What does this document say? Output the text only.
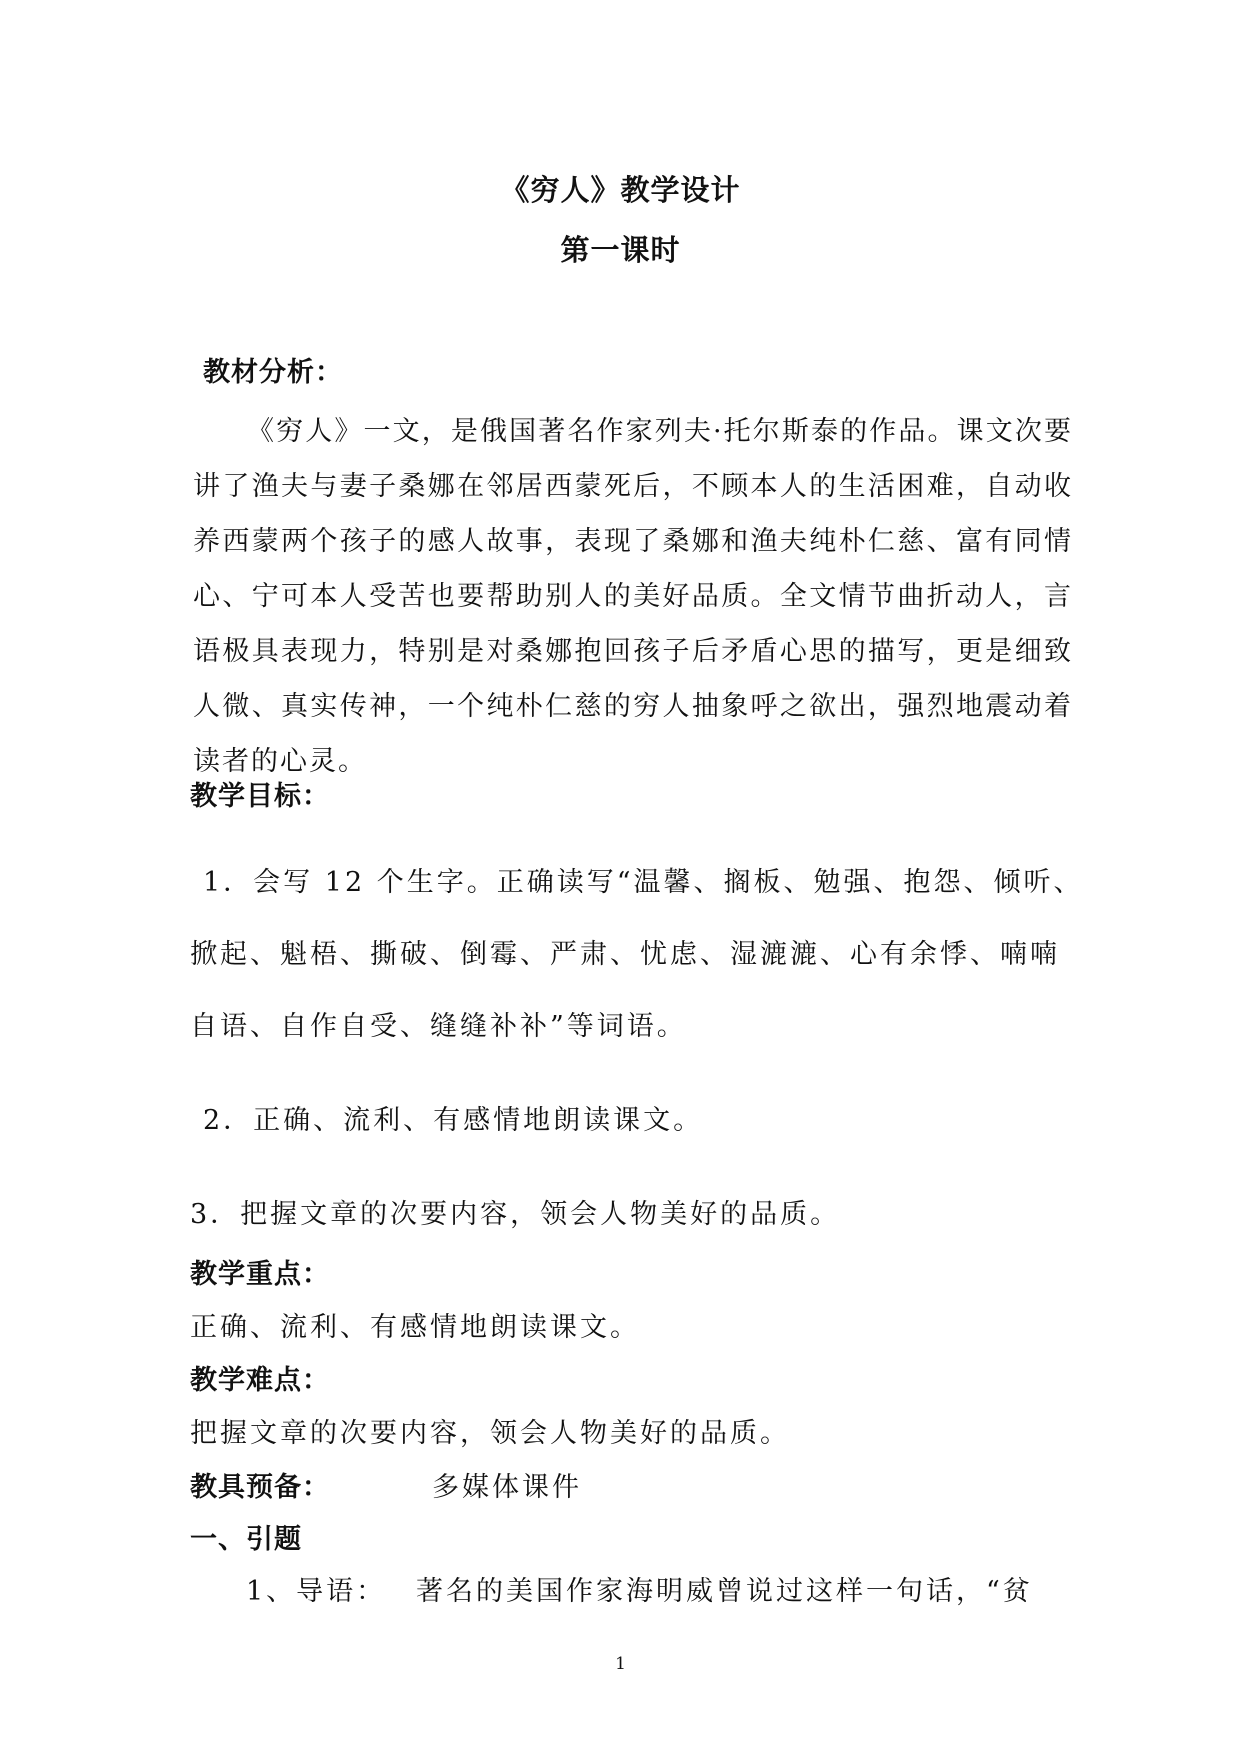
《穷人》教学设计
第一课时
教材分析：

《穷人》一文，是俄国著名作家列夫·托尔斯泰的作品。课文次要讲了渔夫与妻子桑娜在邻居西蒙死后，不顾本人的生活困难，自动收养西蒙两个孩子的感人故事，表现了桑娜和渔夫纯朴仁慈、富有同情心、宁可本人受苦也要帮助别人的美好品质。全文情节曲折动人，言语极具表现力，特别是对桑娜抱回孩子后矛盾心思的描写，更是细致人微、真实传神，一个纯朴仁慈的穷人抽象呼之欲出，强烈地震动着读者的心灵。

教学目标：
1．会写 12 个生字。正确读写“温馨、搁板、勉强、抱怨、倾听、
掀起、魁梧、撕破、倒霉、严肃、忧虑、湿漉漉、心有余悸、喃喃
自语、自作自受、缝缝补补”等词语。
2．正确、流利、有感情地朗读课文。
3．把握文章的次要内容，领会人物美好的品质。
教学重点：
正确、流利、有感情地朗读课文。
教学难点：
把握文章的次要内容，领会人物美好的品质。
教具预备：	多媒体课件
一、引题
1、导语： 著名的美国作家海明威曾说过这样一句话，“贫
1
